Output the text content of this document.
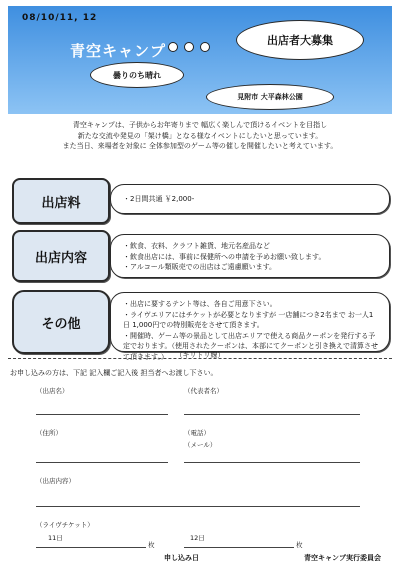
08/10/11, 12
青空キャンプ
出店者大募集
曇りのち晴れ
見附市 大平森林公園
青空キャンプは、子供からお年寄りまで 幅広く楽しんで頂けるイベントを目指し
新たな交流や発見の「架け橋」となる様なイベントにしたいと思っています。
また当日、来場者を対象に 全体参加型のゲーム等の催しを開催したいと考えています。
出店料	・2日間共通 ￥2,000-
出店内容
・飲食、衣料、クラフト雑貨、地元名産品など
・飲食出店には、事前に保健所への申請を予めお願い致します。
・アルコール類販売での出店はご遠慮願います。
その他
・出店に要するテント等は、各自ご用意下さい。
・ライヴエリアにはチケットが必要となりますが 一店舗につき2名まで お一人1日 1,000円での特別販売をさせて頂きます。
・開催時、ゲーム等の景品として出店エリアで使える商品クーポンを発行する予定でおります。（使用されたクーポンは、本部にてクーポンと引き換えで清算させて頂きます。）	（キリトリ線）
お申し込みの方は、下記 記入欄ご記入後 担当者へお渡し下さい。
（出店名）	（代表者名）
（住所）	（電話）
（メール）
（出店内容）
（ライヴチケット）
11日	12日
枚	枚
申し込み日	青空キャンプ実行委員会
